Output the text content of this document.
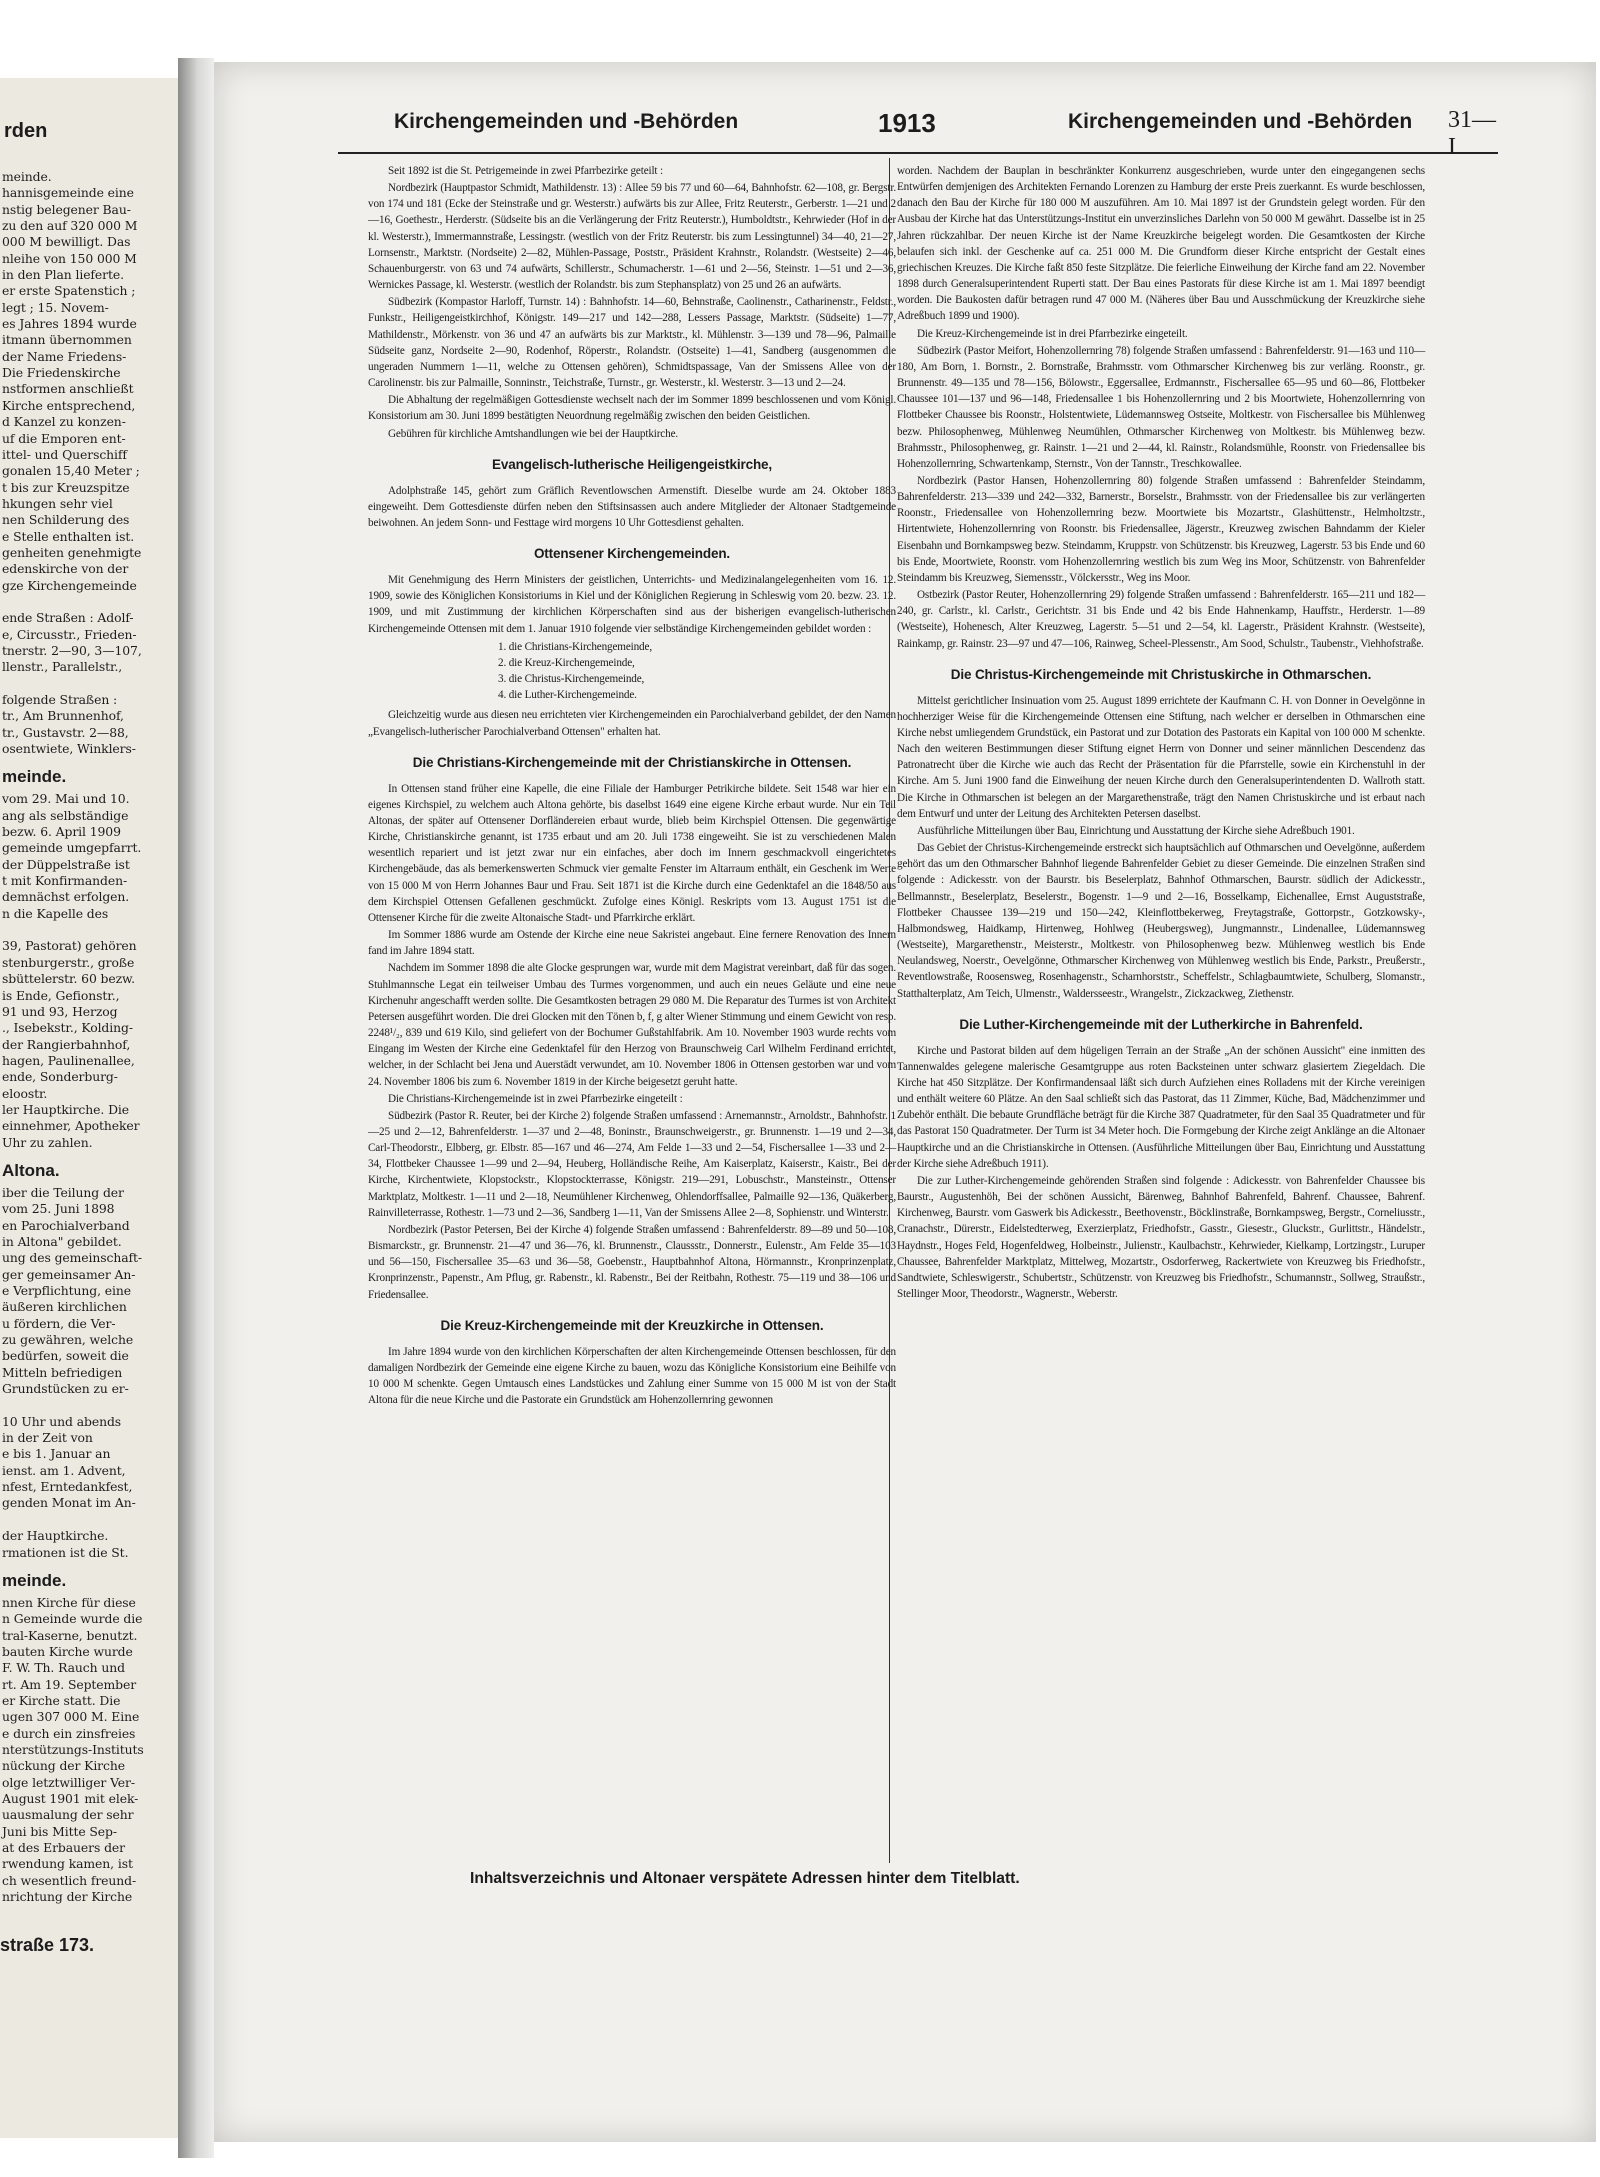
rden
meinde.
hannisgemeinde eine
nstig belegener Bau-
zu den auf 320 000 M
000 M bewilligt. Das
nleihe von 150 000 M
in den Plan lieferte.
er erste Spatenstich ;
legt ; 15. Novem-
es Jahres 1894 wurde
itmann übernommen
der Name Friedens-
Die Friedenskirche
nstformen anschließt
Kirche entsprechend,
d Kanzel zu konzen-
uf die Emporen ent-
ittel- und Querschiff
gonalen 15,40 Meter ;
t bis zur Kreuzspitze
hkungen sehr viel
nen Schilderung des
e Stelle enthalten ist.
genheiten genehmigte
edenskirche von der
gze Kirchengemeinde

ende Straßen : Adolf-
e, Circusstr., Frieden-
tnerstr. 2—90, 3—107,
llenstr., Parallelstr.,

folgende Straßen :
tr., Am Brunnenhof,
tr., Gustavstr. 2—88,
osentwiete, Winklers-
meinde.
vom 29. Mai und 10.
ang als selbständige
bezw. 6. April 1909
gemeinde umgepfarrt.
der Düppelstraße ist
t mit Konfirmanden-
demnächst erfolgen.
n die Kapelle des

39, Pastorat) gehören
stenburgerstr., große
sbüttelerstr. 60 bezw.
is Ende, Gefionstr.,
91 und 93, Herzog
., Isebekstr., Kolding-
der Rangierbahnhof,
hagen, Paulinenallee,
ende, Sonderburg-
eloostr.
ler Hauptkirche. Die
einnehmer, Apotheker
Uhr zu zahlen.
Altona.
iber die Teilung der
vom 25. Juni 1898
en Parochialverband
in Altona" gebildet.
ung des gemeinschaft-
ger gemeinsamer An-
e Verpflichtung, eine
äußeren kirchlichen
u fördern, die Ver-
zu gewähren, welche
bedürfen, soweit die
Mitteln befriedigen
Grundstücken zu er-

10 Uhr und abends
in der Zeit von
e bis 1. Januar an
ienst. am 1. Advent,
nfest, Erntedankfest,
genden Monat im An-

der Hauptkirche.
rmationen ist die St.
meinde.
nnen Kirche für diese
n Gemeinde wurde die
tral-Kaserne, benutzt.
bauten Kirche wurde
F. W. Th. Rauch und
rt. Am 19. September
er Kirche statt. Die
ugen 307 000 M. Eine
e durch ein zinsfreies
nterstützungs-Instituts
nückung der Kirche
olge letztwilliger Ver-
August 1901 mit elek-
uausmalung der sehr
Juni bis Mitte Sep-
at des Erbauers der
rwendung kamen, ist
ch wesentlich freund-
nrichtung der Kirche
straße 173.
Kirchengemeinden und -Behörden	1913	Kirchengemeinden und -Behörden 31—I

Seit 1892 ist die St. Petrigemeinde in zwei Pfarrbezirke geteilt :

Nordbezirk (Hauptpastor Schmidt, Mathildenstr. 13) : Allee 59 bis 77 und 60—64, Bahnhofstr. 62—108, gr. Bergstr. von 174 und 181 (Ecke der Steinstraße und gr. Westerstr.) aufwärts bis zur Allee, Fritz Reuterstr., Gerberstr. 1—21 und 2—16, Goethestr., Herderstr. (Südseite bis an die Verlängerung der Fritz Reuterstr.), Humboldtstr., Kehrwieder (Hof in der kl. Westerstr.), Immermannstraße, Lessingstr. (westlich von der Fritz Reuterstr. bis zum Lessingtunnel) 34—40, 21—27, Lornsenstr., Marktstr. (Nordseite) 2—82, Mühlen-Passage, Poststr., Präsident Krahnstr., Rolandstr. (Westseite) 2—46, Schauenburgerstr. von 63 und 74 aufwärts, Schillerstr., Schumacherstr. 1—61 und 2—56, Steinstr. 1—51 und 2—36, Wernickes Passage, kl. Westerstr. (westlich der Rolandstr. bis zum Stephansplatz) von 25 und 26 an aufwärts.

Südbezirk (Kompastor Harloff, Turnstr. 14) : Bahnhofstr. 14—60, Behnstraße, Caolinenstr., Catharinenstr., Feldstr., Funkstr., Heiligengeistkirchhof, Königstr. 149—217 und 142—288, Lessers Passage, Marktstr. (Südseite) 1—77, Mathildenstr., Mörkenstr. von 36 und 47 an aufwärts bis zur Marktstr., kl. Mühlenstr. 3—139 und 78—96, Palmaille Südseite ganz, Nordseite 2—90, Rodenhof, Röperstr., Rolandstr. (Ostseite) 1—41, Sandberg (ausgenommen die ungeraden Nummern 1—11, welche zu Ottensen gehören), Schmidtspassage, Van der Smissens Allee von der Carolinenstr. bis zur Palmaille, Sonninstr., Teichstraße, Turnstr., gr. Westerstr., kl. Westerstr. 3—13 und 2—24.

Die Abhaltung der regelmäßigen Gottesdienste wechselt nach der im Sommer 1899 beschlossenen und vom Königl. Konsistorium am 30. Juni 1899 bestätigten Neuordnung regelmäßig zwischen den beiden Geistlichen.

Gebühren für kirchliche Amtshandlungen wie bei der Hauptkirche.

Evangelisch-lutherische Heiligengeistkirche,

Adolphstraße 145, gehört zum Gräflich Reventlowschen Armenstift. Dieselbe wurde am 24. Oktober 1883 eingeweiht. Dem Gottesdienste dürfen neben den Stiftsinsassen auch andere Mitglieder der Altonaer Stadtgemeinde beiwohnen. An jedem Sonn- und Festtage wird morgens 10 Uhr Gottesdienst gehalten.

Ottensener Kirchengemeinden.

Mit Genehmigung des Herrn Ministers der geistlichen, Unterrichts- und Medizinalangelegenheiten vom 16. 12. 1909, sowie des Königlichen Konsistoriums in Kiel und der Königlichen Regierung in Schleswig vom 20. bezw. 23. 12. 1909, und mit Zustimmung der kirchlichen Körperschaften sind aus der bisherigen evangelisch-lutherischen Kirchengemeinde Ottensen mit dem 1. Januar 1910 folgende vier selbständige Kirchengemeinden gebildet worden :

1. die Christians-Kirchengemeinde,
2. die Kreuz-Kirchengemeinde,
3. die Christus-Kirchengemeinde,
4. die Luther-Kirchengemeinde.

Gleichzeitig wurde aus diesen neu errichteten vier Kirchengemeinden ein Parochialverband gebildet, der den Namen „Evangelisch-lutherischer Parochialverband Ottensen" erhalten hat.

Die Christians-Kirchengemeinde mit der Christianskirche in Ottensen.

In Ottensen stand früher eine Kapelle, die eine Filiale der Hamburger Petrikirche bildete. Seit 1548 war hier ein eigenes Kirchspiel, zu welchem auch Altona gehörte, bis daselbst 1649 eine eigene Kirche erbaut wurde. Nur ein Teil Altonas, der später auf Ottensener Dorfländereien erbaut wurde, blieb beim Kirchspiel Ottensen. Die gegenwärtige Kirche, Christianskirche genannt, ist 1735 erbaut und am 20. Juli 1738 eingeweiht. Sie ist zu verschiedenen Malen wesentlich repariert und ist jetzt zwar nur ein einfaches, aber doch im Innern geschmackvoll eingerichtetes Kirchengebäude, das als bemerkenswerten Schmuck vier gemalte Fenster im Altarraum enthält, ein Geschenk im Werte von 15 000 M von Herrn Johannes Baur und Frau. Seit 1871 ist die Kirche durch eine Gedenktafel an die 1848/50 aus dem Kirchspiel Ottensen Gefallenen geschmückt. Zufolge eines Königl. Reskripts vom 13. August 1751 ist die Ottensener Kirche für die zweite Altonaische Stadt- und Pfarrkirche erklärt.

Im Sommer 1886 wurde am Ostende der Kirche eine neue Sakristei angebaut. Eine fernere Renovation des Innern fand im Jahre 1894 statt.

Nachdem im Sommer 1898 die alte Glocke gesprungen war, wurde mit dem Magistrat vereinbart, daß für das sogen. Stuhlmannsche Legat ein teilweiser Umbau des Turmes vorgenommen, und auch ein neues Geläute und eine neue Kirchenuhr angeschafft werden sollte. Die Gesamtkosten betragen 29 080 M. Die Reparatur des Turmes ist von Architekt Petersen ausgeführt worden. Die drei Glocken mit den Tönen b, f, g alter Wiener Stimmung und einem Gewicht von resp. 2248¹/₂, 839 und 619 Kilo, sind geliefert von der Bochumer Gußstahlfabrik. Am 10. November 1903 wurde rechts vom Eingang im Westen der Kirche eine Gedenktafel für den Herzog von Braunschweig Carl Wilhelm Ferdinand errichtet, welcher, in der Schlacht bei Jena und Auerstädt verwundet, am 10. November 1806 in Ottensen gestorben war und vom 24. November 1806 bis zum 6. November 1819 in der Kirche beigesetzt geruht hatte.

Die Christians-Kirchengemeinde ist in zwei Pfarrbezirke eingeteilt :

Südbezirk (Pastor R. Reuter, bei der Kirche 2) folgende Straßen umfassend : Arnemannstr., Arnoldstr., Bahnhofstr. 1—25 und 2—12, Bahrenfelderstr. 1—37 und 2—48, Boninstr., Braunschweigerstr., gr. Brunnenstr. 1—19 und 2—34, Carl-Theodorstr., Elbberg, gr. Elbstr. 85—167 und 46—274, Am Felde 1—33 und 2—54, Fischersallee 1—33 und 2—34, Flottbeker Chaussee 1—99 und 2—94, Heuberg, Holländische Reihe, Am Kaiserplatz, Kaiserstr., Kaistr., Bei der Kirche, Kirchentwiete, Klopstockstr., Klopstockterrasse, Königstr. 219—291, Lobuschstr., Mansteinstr., Ottenser Marktplatz, Moltkestr. 1—11 und 2—18, Neumühlener Kirchenweg, Ohlendorffsallee, Palmaille 92—136, Quäkerberg, Rainvilleterrasse, Rothestr. 1—73 und 2—36, Sandberg 1—11, Van der Smissens Allee 2—8, Sophienstr. und Winterstr.

Nordbezirk (Pastor Petersen, Bei der Kirche 4) folgende Straßen umfassend : Bahrenfelderstr. 89—89 und 50—108, Bismarckstr., gr. Brunnenstr. 21—47 und 36—76, kl. Brunnenstr., Claussstr., Donnerstr., Eulenstr., Am Felde 35—103 und 56—150, Fischersallee 35—63 und 36—58, Goebenstr., Hauptbahnhof Altona, Hörmannstr., Kronprinzenplatz, Kronprinzenstr., Papenstr., Am Pflug, gr. Rabenstr., kl. Rabenstr., Bei der Reitbahn, Rothestr. 75—119 und 38—106 und Friedensallee.

Die Kreuz-Kirchengemeinde mit der Kreuzkirche in Ottensen.

Im Jahre 1894 wurde von den kirchlichen Körperschaften der alten Kirchengemeinde Ottensen beschlossen, für den damaligen Nordbezirk der Gemeinde eine eigene Kirche zu bauen, wozu das Königliche Konsistorium eine Beihilfe von 10 000 M schenkte. Gegen Umtausch eines Landstückes und Zahlung einer Summe von 15 000 M ist von der Stadt Altona für die neue Kirche und die Pastorate ein Grundstück am Hohenzollernring gewonnen

worden. Nachdem der Bauplan in beschränkter Konkurrenz ausgeschrieben, wurde unter den eingegangenen sechs Entwürfen demjenigen des Architekten Fernando Lorenzen zu Hamburg der erste Preis zuerkannt. Es wurde beschlossen, danach den Bau der Kirche für 180 000 M auszuführen. Am 10. Mai 1897 ist der Grundstein gelegt worden. Für den Ausbau der Kirche hat das Unterstützungs-Institut ein unverzinsliches Darlehn von 50 000 M gewährt. Dasselbe ist in 25 Jahren rückzahlbar. Der neuen Kirche ist der Name Kreuzkirche beigelegt worden. Die Gesamtkosten der Kirche belaufen sich inkl. der Geschenke auf ca. 251 000 M. Die Grundform dieser Kirche entspricht der Gestalt eines griechischen Kreuzes. Die Kirche faßt 850 feste Sitzplätze. Die feierliche Einweihung der Kirche fand am 22. November 1898 durch Generalsuperintendent Ruperti statt. Der Bau eines Pastorats für diese Kirche ist am 1. Mai 1897 beendigt worden. Die Baukosten dafür betragen rund 47 000 M. (Näheres über Bau und Ausschmückung der Kreuzkirche siehe Adreßbuch 1899 und 1900).

Die Kreuz-Kirchengemeinde ist in drei Pfarrbezirke eingeteilt.

Südbezirk (Pastor Meifort, Hohenzollernring 78) folgende Straßen umfassend : Bahrenfelderstr. 91—163 und 110—180, Am Born, 1. Bornstr., 2. Bornstraße, Brahmsstr. vom Othmarscher Kirchenweg bis zur verläng. Roonstr., gr. Brunnenstr. 49—135 und 78—156, Bölowstr., Eggersallee, Erdmannstr., Fischersallee 65—95 und 60—86, Flottbeker Chaussee 101—137 und 96—148, Friedensallee 1 bis Hohenzollernring und 2 bis Moortwiete, Hohenzollernring von Flottbeker Chaussee bis Roonstr., Holstentwiete, Lüdemannsweg Ostseite, Moltkestr. von Fischersallee bis Mühlenweg bezw. Philosophenweg, Mühlenweg Neumühlen, Othmarscher Kirchenweg von Moltkestr. bis Mühlenweg bezw. Brahmsstr., Philosophenweg, gr. Rainstr. 1—21 und 2—44, kl. Rainstr., Rolandsmühle, Roonstr. von Friedensallee bis Hohenzollernring, Schwartenkamp, Sternstr., Von der Tannstr., Treschkowallee.

Nordbezirk (Pastor Hansen, Hohenzollernring 80) folgende Straßen umfassend : Bahrenfelder Steindamm, Bahrenfelderstr. 213—339 und 242—332, Barnerstr., Borselstr., Brahmsstr. von der Friedensallee bis zur verlängerten Roonstr., Friedensallee von Hohenzollernring bezw. Moortwiete bis Mozartstr., Glashüttenstr., Helmholtzstr., Hirtentwiete, Hohenzollernring von Roonstr. bis Friedensallee, Jägerstr., Kreuzweg zwischen Bahndamm der Kieler Eisenbahn und Bornkampsweg bezw. Steindamm, Kruppstr. von Schützenstr. bis Kreuzweg, Lagerstr. 53 bis Ende und 60 bis Ende, Moortwiete, Roonstr. vom Hohenzollernring westlich bis zum Weg ins Moor, Schützenstr. von Bahrenfelder Steindamm bis Kreuzweg, Siemensstr., Völckersstr., Weg ins Moor.

Ostbezirk (Pastor Reuter, Hohenzollernring 29) folgende Straßen umfassend : Bahrenfelderstr. 165—211 und 182—240, gr. Carlstr., kl. Carlstr., Gerichtstr. 31 bis Ende und 42 bis Ende Hahnenkamp, Hauffstr., Herderstr. 1—89 (Westseite), Hohenesch, Alter Kreuzweg, Lagerstr. 5—51 und 2—54, kl. Lagerstr., Präsident Krahnstr. (Westseite), Rainkamp, gr. Rainstr. 23—97 und 47—106, Rainweg, Scheel-Plessenstr., Am Sood, Schulstr., Taubenstr., Viehhofstraße.

Die Christus-Kirchengemeinde mit Christuskirche in Othmarschen.

Mittelst gerichtlicher Insinuation vom 25. August 1899 errichtete der Kaufmann C. H. von Donner in Oevelgönne in hochherziger Weise für die Kirchengemeinde Ottensen eine Stiftung, nach welcher er derselben in Othmarschen eine Kirche nebst umliegendem Grundstück, ein Pastorat und zur Dotation des Pastorats ein Kapital von 100 000 M schenkte. Nach den weiteren Bestimmungen dieser Stiftung eignet Herrn von Donner und seiner männlichen Descendenz das Patronatrecht über die Kirche wie auch das Recht der Präsentation für die Pfarrstelle, sowie ein Kirchenstuhl in der Kirche. Am 5. Juni 1900 fand die Einweihung der neuen Kirche durch den Generalsuperintendenten D. Wallroth statt. Die Kirche in Othmarschen ist belegen an der Margarethenstraße, trägt den Namen Christuskirche und ist erbaut nach dem Entwurf und unter der Leitung des Architekten Petersen daselbst.

Ausführliche Mitteilungen über Bau, Einrichtung und Ausstattung der Kirche siehe Adreßbuch 1901.

Das Gebiet der Christus-Kirchengemeinde erstreckt sich hauptsächlich auf Othmarschen und Oevelgönne, außerdem gehört das um den Othmarscher Bahnhof liegende Bahrenfelder Gebiet zu dieser Gemeinde. Die einzelnen Straßen sind folgende : Adickesstr. von der Baurstr. bis Beselerplatz, Bahnhof Othmarschen, Baurstr. südlich der Adickesstr., Bellmannstr., Beselerplatz, Beselerstr., Bogenstr. 1—9 und 2—16, Bosselkamp, Eichenallee, Ernst Auguststraße, Flottbeker Chaussee 139—219 und 150—242, Kleinflottbekerweg, Freytagstraße, Gottorpstr., Gotzkowsky-, Halbmondsweg, Haidkamp, Hirtenweg, Hohlweg (Heubergsweg), Jungmannstr., Lindenallee, Lüdemannsweg (Westseite), Margarethenstr., Meisterstr., Moltkestr. von Philosophenweg bezw. Mühlenweg westlich bis Ende Neulandsweg, Noerstr., Oevelgönne, Othmarscher Kirchenweg von Mühlenweg westlich bis Ende, Parkstr., Preußerstr., Reventlowstraße, Roosensweg, Rosenhagenstr., Scharnhorststr., Scheffelstr., Schlagbaumtwiete, Schulberg, Slomanstr., Statthalterplatz, Am Teich, Ulmenstr., Waldersseestr., Wrangelstr., Zickzackweg, Ziethenstr.

Die Luther-Kirchengemeinde mit der Lutherkirche in Bahrenfeld.

Kirche und Pastorat bilden auf dem hügeligen Terrain an der Straße „An der schönen Aussicht" eine inmitten des Tannenwaldes gelegene malerische Gesamtgruppe aus roten Backsteinen unter schwarz glasiertem Ziegeldach. Die Kirche hat 450 Sitzplätze. Der Konfirmandensaal läßt sich durch Aufziehen eines Rolladens mit der Kirche vereinigen und enthält weitere 60 Plätze. An den Saal schließt sich das Pastorat, das 11 Zimmer, Küche, Bad, Mädchenzimmer und Zubehör enthält. Die bebaute Grundfläche beträgt für die Kirche 387 Quadratmeter, für den Saal 35 Quadratmeter und für das Pastorat 150 Quadratmeter. Der Turm ist 34 Meter hoch. Die Formgebung der Kirche zeigt Anklänge an die Altonaer Hauptkirche und an die Christianskirche in Ottensen. (Ausführliche Mitteilungen über Bau, Einrichtung und Ausstattung der Kirche siehe Adreßbuch 1911).

Die zur Luther-Kirchengemeinde gehörenden Straßen sind folgende : Adickesstr. von Bahrenfelder Chaussee bis Baurstr., Augustenhöh, Bei der schönen Aussicht, Bärenweg, Bahnhof Bahrenfeld, Bahrenf. Chaussee, Bahrenf. Kirchenweg, Baurstr. vom Gaswerk bis Adickesstr., Beethovenstr., Böcklinstraße, Bornkampsweg, Bergstr., Corneliusstr., Cranachstr., Dürerstr., Eidelstedterweg, Exerzierplatz, Friedhofstr., Gasstr., Giesestr., Gluckstr., Gurlittstr., Händelstr., Haydnstr., Hoges Feld, Hogenfeldweg, Holbeinstr., Julienstr., Kaulbachstr., Kehrwieder, Kielkamp, Lortzingstr., Luruper Chaussee, Bahrenfelder Marktplatz, Mittelweg, Mozartstr., Osdorferweg, Rackertwiete von Kreuzweg bis Friedhofstr., Sandtwiete, Schleswigerstr., Schubertstr., Schützenstr. von Kreuzweg bis Friedhofstr., Schumannstr., Sollweg, Straußstr., Stellinger Moor, Theodorstr., Wagnerstr., Weberstr.

Inhaltsverzeichnis und Altonaer verspätete Adressen hinter dem Titelblatt.
